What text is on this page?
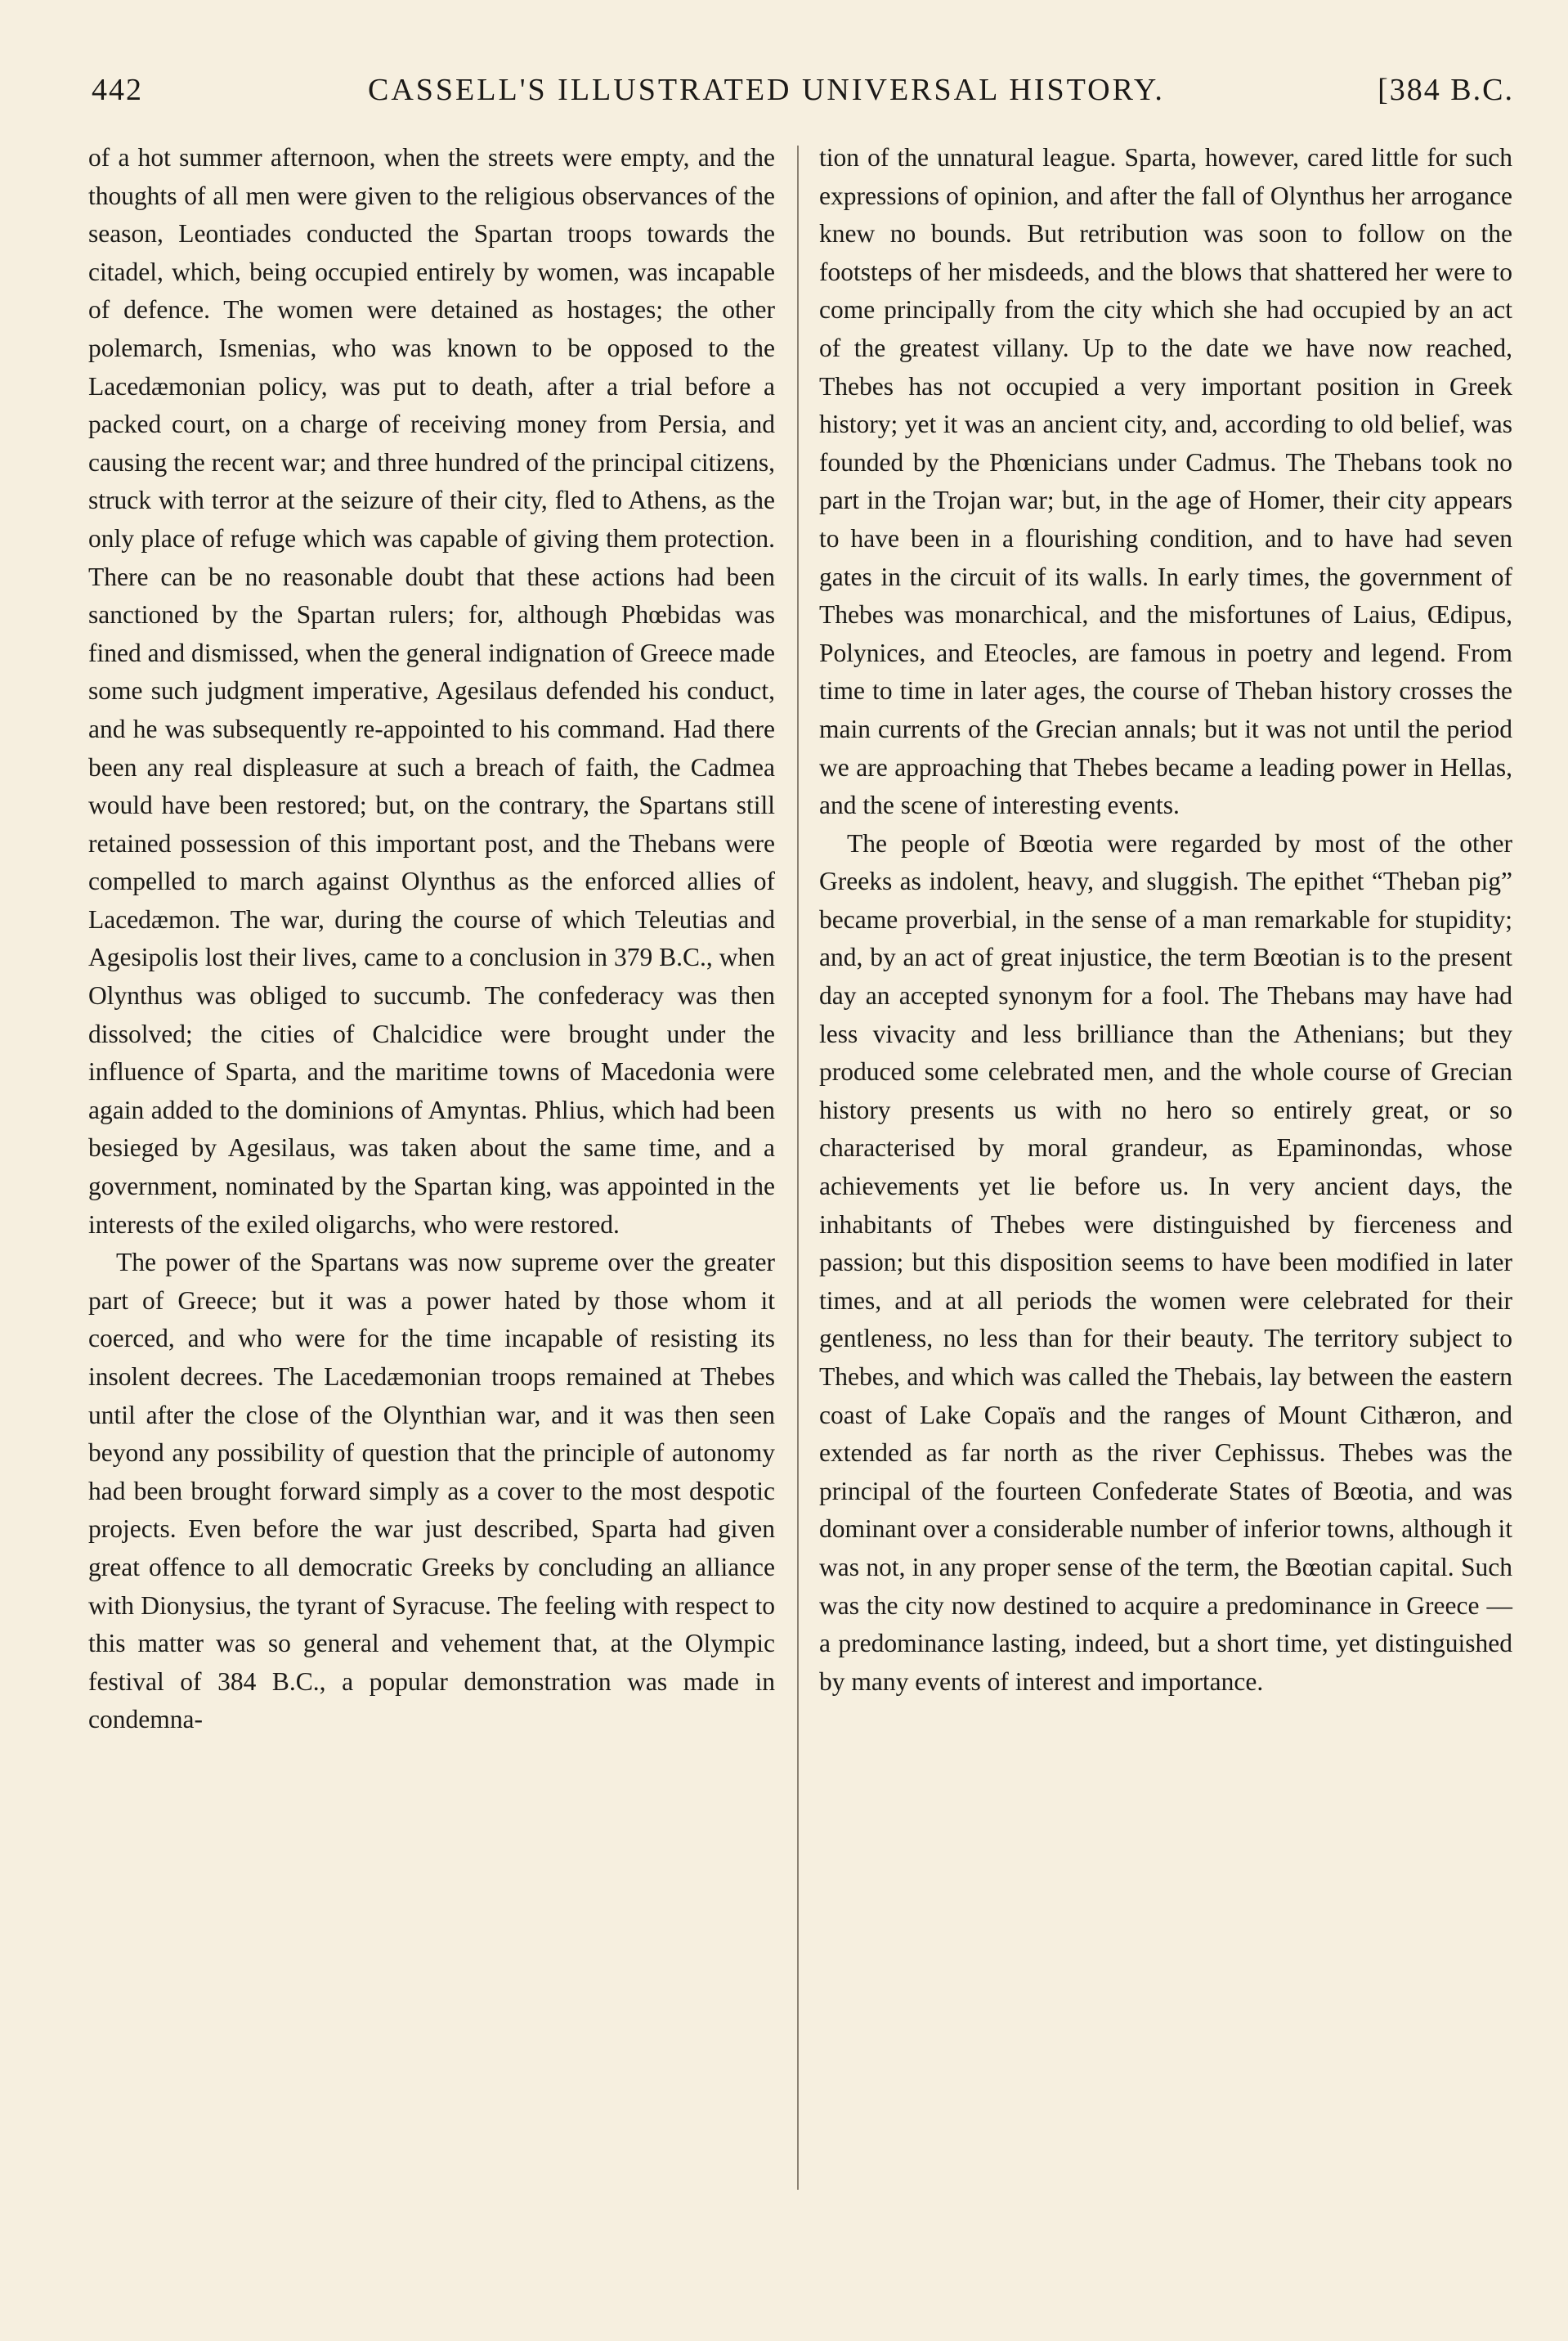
442	CASSELL'S ILLUSTRATED UNIVERSAL HISTORY.	[384 B.C.

of a hot summer afternoon, when the streets were empty, and the thoughts of all men were given to the religious observances of the season, Leontiades conducted the Spartan troops towards the citadel, which, being occupied entirely by women, was incapable of defence. The women were detained as hostages; the other polemarch, Ismenias, who was known to be opposed to the Lacedæmonian policy, was put to death, after a trial before a packed court, on a charge of receiving money from Persia, and causing the recent war; and three hundred of the principal citizens, struck with terror at the seizure of their city, fled to Athens, as the only place of refuge which was capable of giving them protection. There can be no reasonable doubt that these actions had been sanctioned by the Spartan rulers; for, although Phœbidas was fined and dismissed, when the general indignation of Greece made some such judgment imperative, Agesilaus defended his conduct, and he was subsequently re-appointed to his command. Had there been any real displeasure at such a breach of faith, the Cadmea would have been restored; but, on the contrary, the Spartans still retained possession of this important post, and the Thebans were compelled to march against Olynthus as the enforced allies of Lacedæmon. The war, during the course of which Teleutias and Agesipolis lost their lives, came to a conclusion in 379 B.C., when Olynthus was obliged to succumb. The confederacy was then dissolved; the cities of Chalcidice were brought under the influence of Sparta, and the maritime towns of Macedonia were again added to the dominions of Amyntas. Phlius, which had been besieged by Agesilaus, was taken about the same time, and a government, nominated by the Spartan king, was appointed in the interests of the exiled oligarchs, who were restored.

The power of the Spartans was now supreme over the greater part of Greece; but it was a power hated by those whom it coerced, and who were for the time incapable of resisting its insolent decrees. The Lacedæmonian troops remained at Thebes until after the close of the Olynthian war, and it was then seen beyond any possibility of question that the principle of autonomy had been brought forward simply as a cover to the most despotic projects. Even before the war just described, Sparta had given great offence to all democratic Greeks by concluding an alliance with Dionysius, the tyrant of Syracuse. The feeling with respect to this matter was so general and vehement that, at the Olympic festival of 384 B.C., a popular demonstration was made in condemna-

tion of the unnatural league. Sparta, however, cared little for such expressions of opinion, and after the fall of Olynthus her arrogance knew no bounds. But retribution was soon to follow on the footsteps of her misdeeds, and the blows that shattered her were to come principally from the city which she had occupied by an act of the greatest villany. Up to the date we have now reached, Thebes has not occupied a very important position in Greek history; yet it was an ancient city, and, according to old belief, was founded by the Phœnicians under Cadmus. The Thebans took no part in the Trojan war; but, in the age of Homer, their city appears to have been in a flourishing condition, and to have had seven gates in the circuit of its walls. In early times, the government of Thebes was monarchical, and the misfortunes of Laius, Œdipus, Polynices, and Eteocles, are famous in poetry and legend. From time to time in later ages, the course of Theban history crosses the main currents of the Grecian annals; but it was not until the period we are approaching that Thebes became a leading power in Hellas, and the scene of interesting events.

The people of Bœotia were regarded by most of the other Greeks as indolent, heavy, and sluggish. The epithet “Theban pig” became proverbial, in the sense of a man remarkable for stupidity; and, by an act of great injustice, the term Bœotian is to the present day an accepted synonym for a fool. The Thebans may have had less vivacity and less brilliance than the Athenians; but they produced some celebrated men, and the whole course of Grecian history presents us with no hero so entirely great, or so characterised by moral grandeur, as Epaminondas, whose achievements yet lie before us. In very ancient days, the inhabitants of Thebes were distinguished by fierceness and passion; but this disposition seems to have been modified in later times, and at all periods the women were celebrated for their gentleness, no less than for their beauty. The territory subject to Thebes, and which was called the Thebais, lay between the eastern coast of Lake Copaïs and the ranges of Mount Cithæron, and extended as far north as the river Cephissus. Thebes was the principal of the fourteen Confederate States of Bœotia, and was dominant over a considerable number of inferior towns, although it was not, in any proper sense of the term, the Bœotian capital. Such was the city now destined to acquire a predominance in Greece —a predominance lasting, indeed, but a short time, yet distinguished by many events of interest and importance.
